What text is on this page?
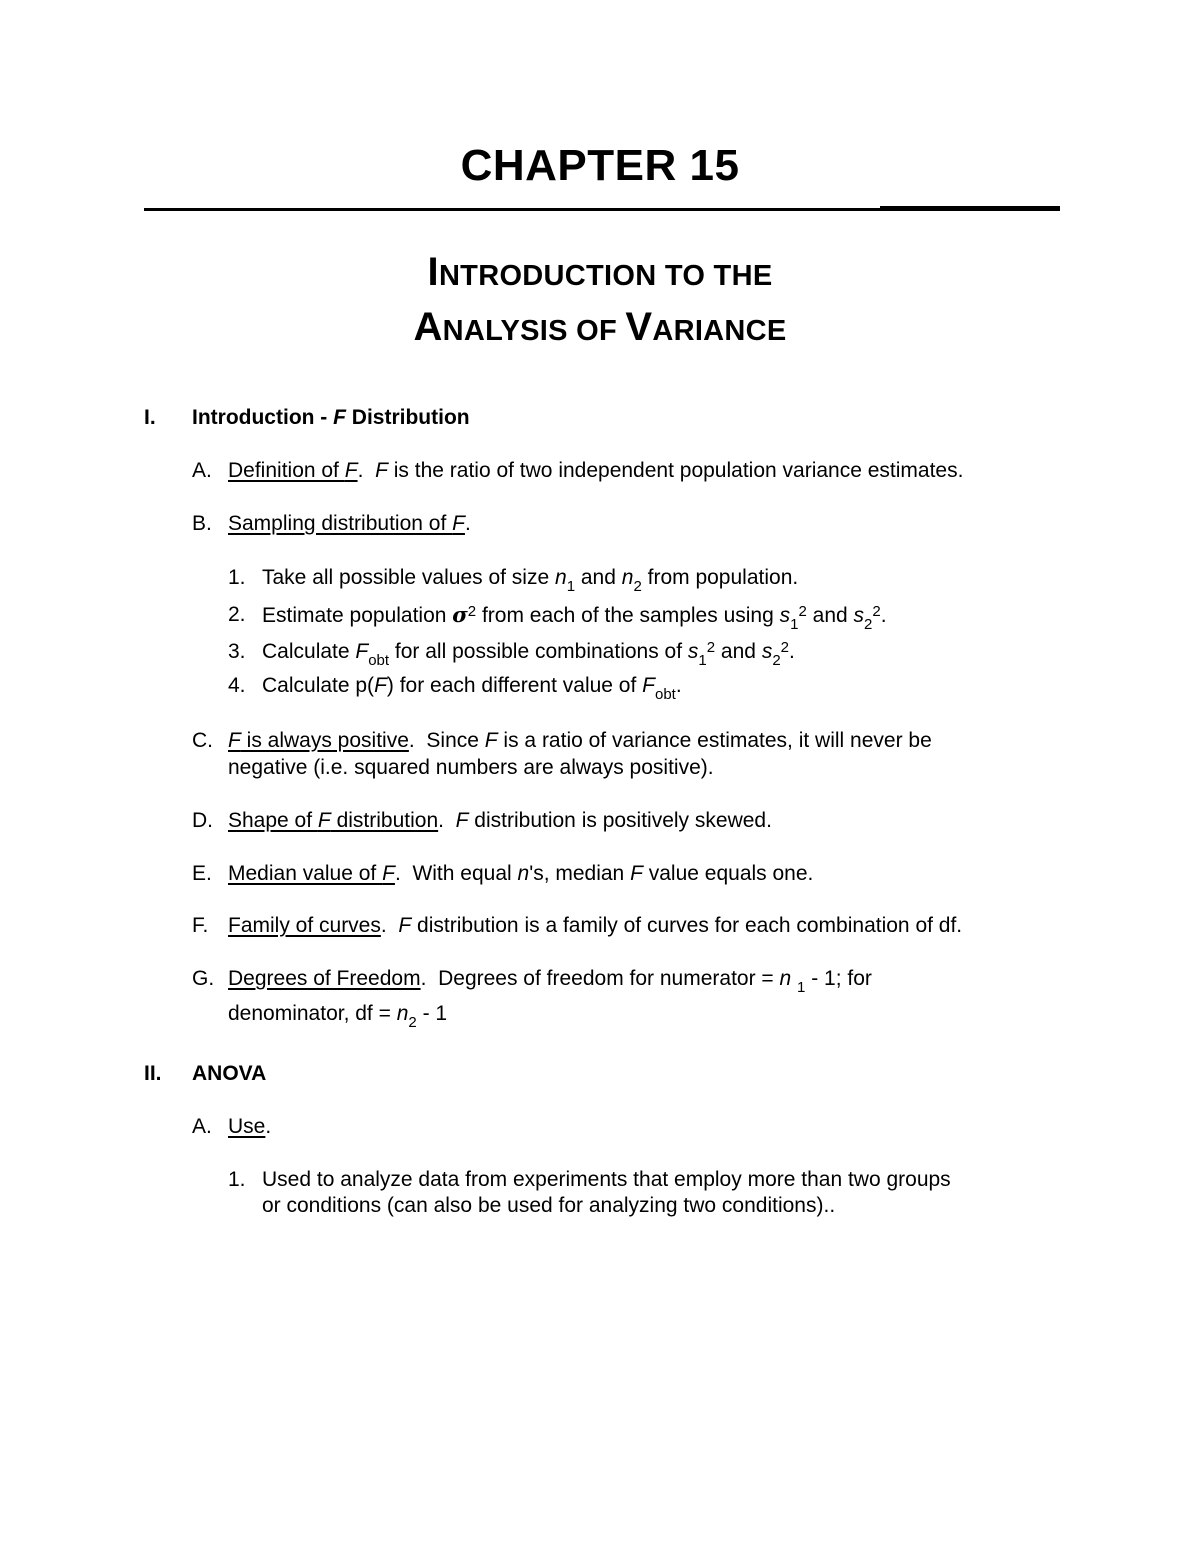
CHAPTER 15
INTRODUCTION TO THE
ANALYSIS OF VARIANCE
I. Introduction - F Distribution
A. Definition of F.  F is the ratio of two independent population variance estimates.
B. Sampling distribution of F.
1. Take all possible values of size $n_1$ and $n_2$ from population.
2. Estimate population $\sigma^2$ from each of the samples using $s_1^2$ and $s_2^2$.
3. Calculate $F_{obt}$ for all possible combinations of $s_1^2$ and $s_2^2$.
4. Calculate p(F) for each different value of $F_{obt}$.
C. F is always positive.  Since F is a ratio of variance estimates, it will never be
negative (i.e. squared numbers are always positive).
D. Shape of F distribution.  F distribution is positively skewed.
E. Median value of F.  With equal n's, median F value equals one.
F. Family of curves.  F distribution is a family of curves for each combination of df.
G. Degrees of Freedom.  Degrees of freedom for numerator = n $_1$ - 1; for
denominator, df = $n_2 - 1$
II. ANOVA
A. Use.
1. Used to analyze data from experiments that employ more than two groups
or conditions (can also be used for analyzing two conditions)..
